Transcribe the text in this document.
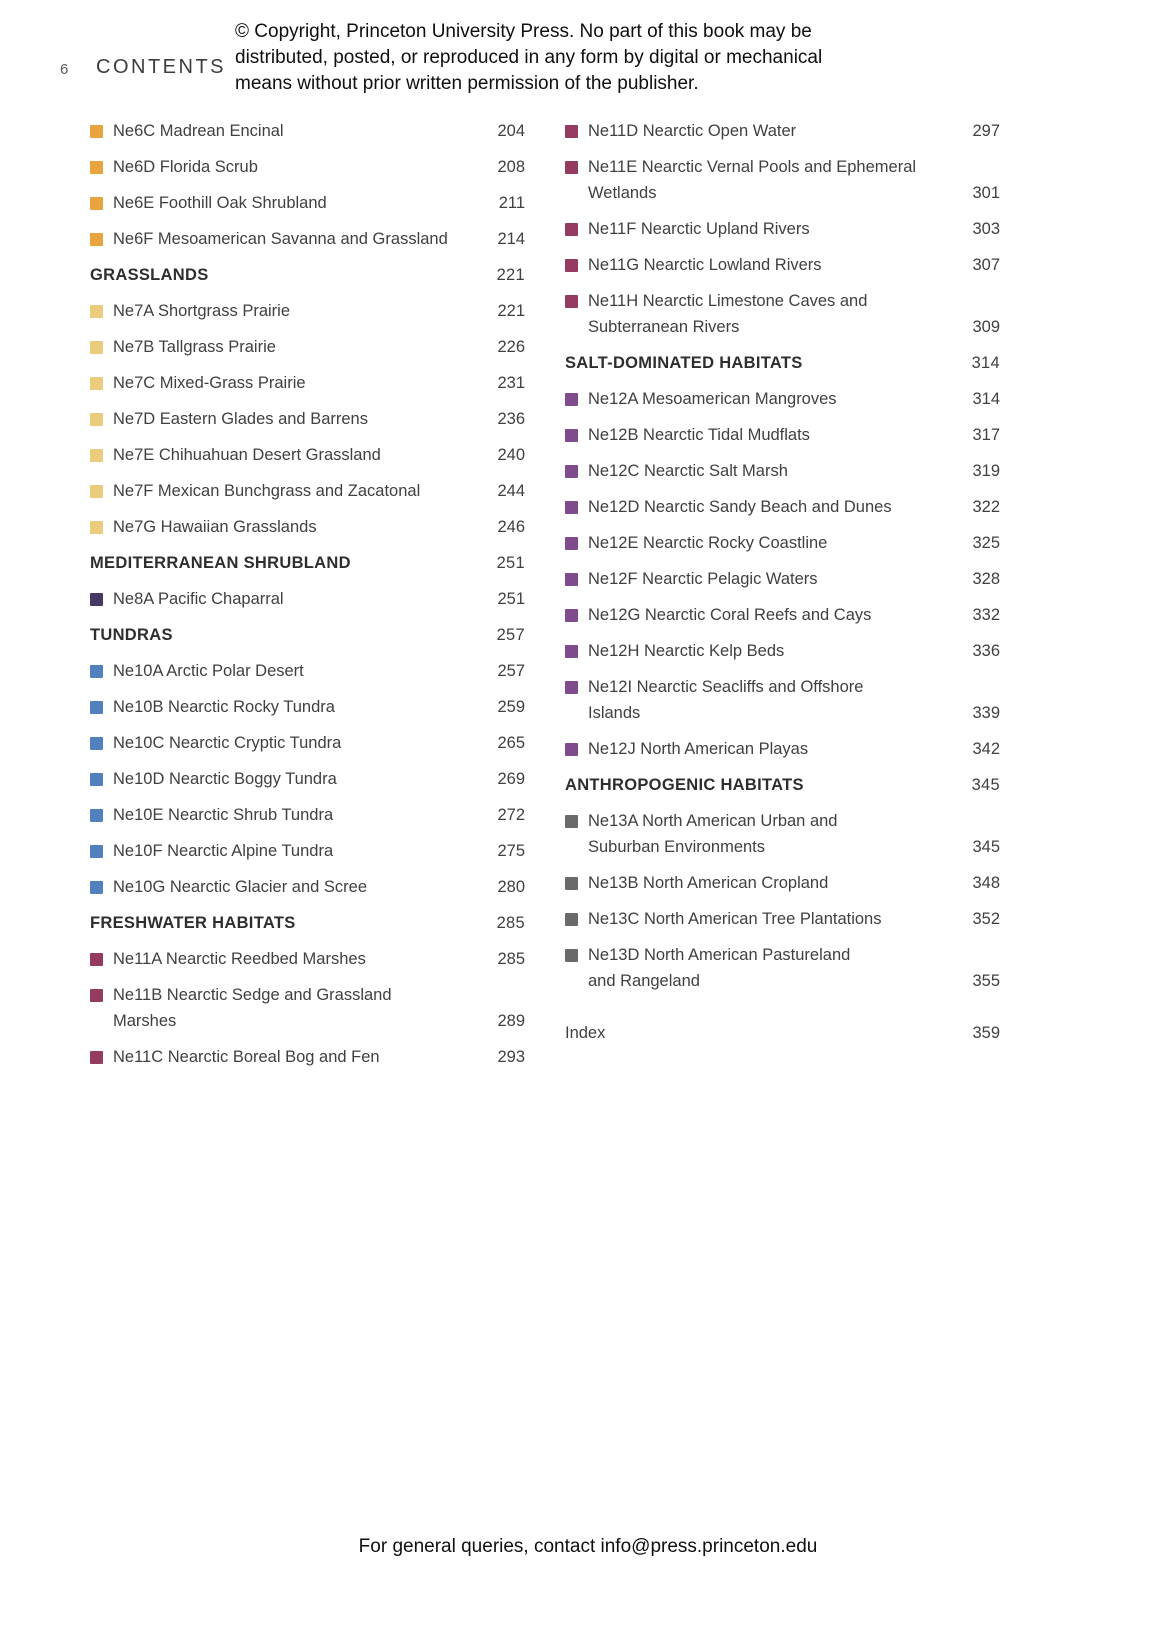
6 CONTENTS
© Copyright, Princeton University Press. No part of this book may be
distributed, posted, or reproduced in any form by digital or mechanical
means without prior written permission of the publisher.
Ne6C Madrean Encinal	204
Ne6D Florida Scrub	208
Ne6E Foothill Oak Shrubland	211
Ne6F Mesoamerican Savanna and Grassland	214
GRASSLANDS	221
Ne7A Shortgrass Prairie	221
Ne7B Tallgrass Prairie	226
Ne7C Mixed-Grass Prairie	231
Ne7D Eastern Glades and Barrens	236
Ne7E Chihuahuan Desert Grassland	240
Ne7F Mexican Bunchgrass and Zacatonal	244
Ne7G Hawaiian Grasslands	246
MEDITERRANEAN SHRUBLAND	251
Ne8A Pacific Chaparral	251
TUNDRAS	257
Ne10A Arctic Polar Desert	257
Ne10B Nearctic Rocky Tundra	259
Ne10C Nearctic Cryptic Tundra	265
Ne10D Nearctic Boggy Tundra	269
Ne10E Nearctic Shrub Tundra	272
Ne10F Nearctic Alpine Tundra	275
Ne10G Nearctic Glacier and Scree	280
FRESHWATER HABITATS	285
Ne11A Nearctic Reedbed Marshes	285
Ne11B Nearctic Sedge and Grassland
Marshes	289
Ne11C Nearctic Boreal Bog and Fen	293
Ne11D Nearctic Open Water	297
Ne11E Nearctic Vernal Pools and Ephemeral
Wetlands	301
Ne11F Nearctic Upland Rivers	303
Ne11G Nearctic Lowland Rivers	307
Ne11H Nearctic Limestone Caves and
Subterranean Rivers	309
SALT-DOMINATED HABITATS	314
Ne12A Mesoamerican Mangroves	314
Ne12B Nearctic Tidal Mudflats	317
Ne12C Nearctic Salt Marsh	319
Ne12D Nearctic Sandy Beach and Dunes	322
Ne12E Nearctic Rocky Coastline	325
Ne12F Nearctic Pelagic Waters	328
Ne12G Nearctic Coral Reefs and Cays	332
Ne12H Nearctic Kelp Beds	336
Ne12I Nearctic Seacliffs and Offshore
Islands	339
Ne12J North American Playas	342
ANTHROPOGENIC HABITATS	345
Ne13A North American Urban and
Suburban Environments	345
Ne13B North American Cropland	348
Ne13C North American Tree Plantations	352
Ne13D North American Pastureland
and Rangeland	355
Index	359
For general queries, contact info@press.princeton.edu
